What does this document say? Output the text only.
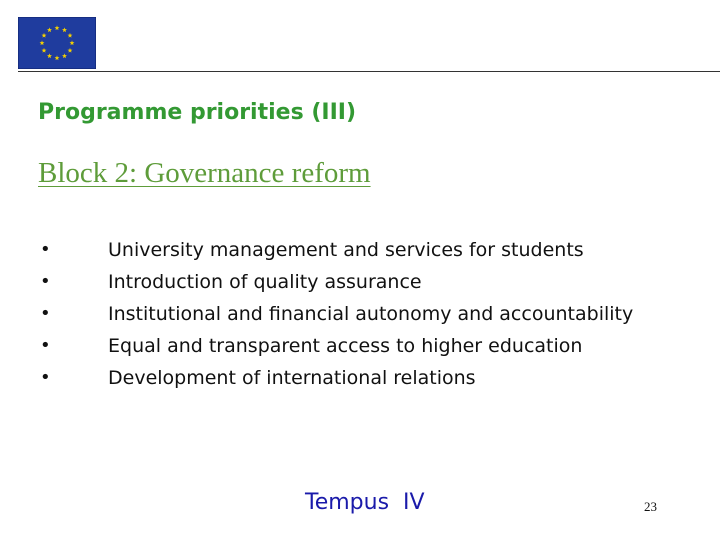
Programme priorities (III)
Block 2: Governance reform
•	University management and services for students
•	Introduction of quality assurance
•	Institutional and financial autonomy and accountability
•	Equal and transparent access to higher education
•	Development of international relations
Tempus  IV	23
